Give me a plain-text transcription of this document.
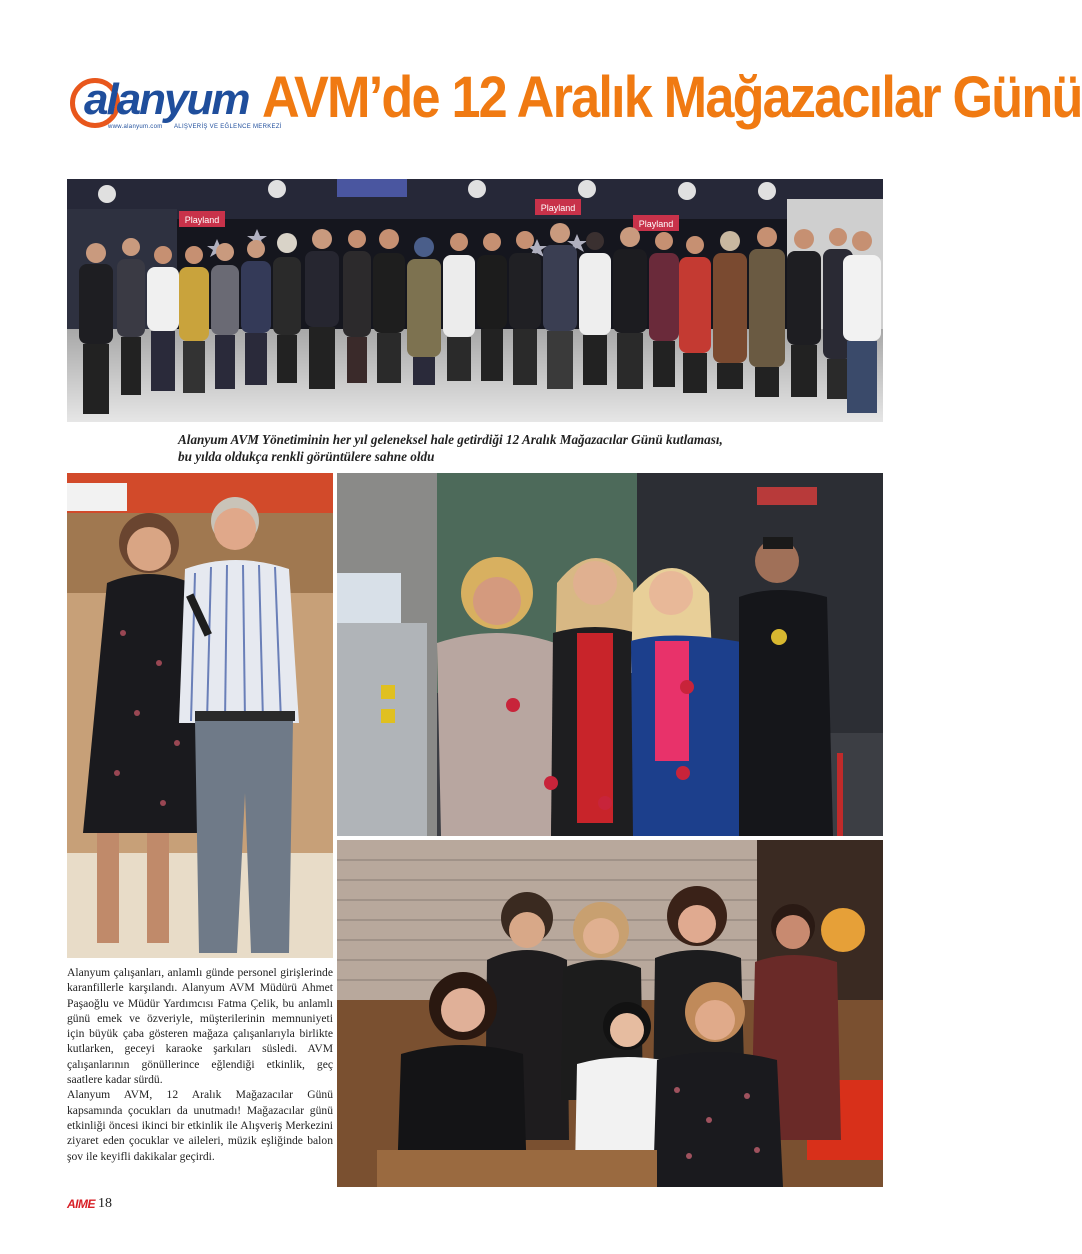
alanyum
www.alanyum.com ALIŞVERİŞ VE EĞLENCE MERKEZİ
AVM’de 12 Aralık Mağazacılar Günü
Playland
Playland
Playland
Alanyum AVM Yönetiminin her yıl geleneksel hale getirdiği 12 Aralık Mağazacılar Günü kutlaması,
bu yılda oldukça renkli görüntülere sahne oldu

Alanyum çalışanları, anlamlı günde personel girişlerinde karanfillerle karşılandı. Alanyum AVM Müdürü Ahmet Paşaoğlu ve Müdür Yardımcısı Fatma Çelik, bu anlamlı günü emek ve özveriyle, müşterilerinin memnuniyeti için büyük çaba gösteren mağaza çalışanlarıyla birlikte kutlarken, geceyi karaoke şarkıları süsledi. AVM çalışanlarının gönüllerince eğlendiği etkinlik, geç saatlere kadar sürdü.

Alanyum AVM, 12 Aralık Mağazacılar Günü kapsamında çocukları da unutmadı! Mağazacılar günü etkinliği öncesi ikinci bir etkinlik ile Alışveriş Merkezini ziyaret eden çocuklar ve aileleri, müzik eşliğinde balon şov ile keyifli dakikalar geçirdi.

AIME 18
